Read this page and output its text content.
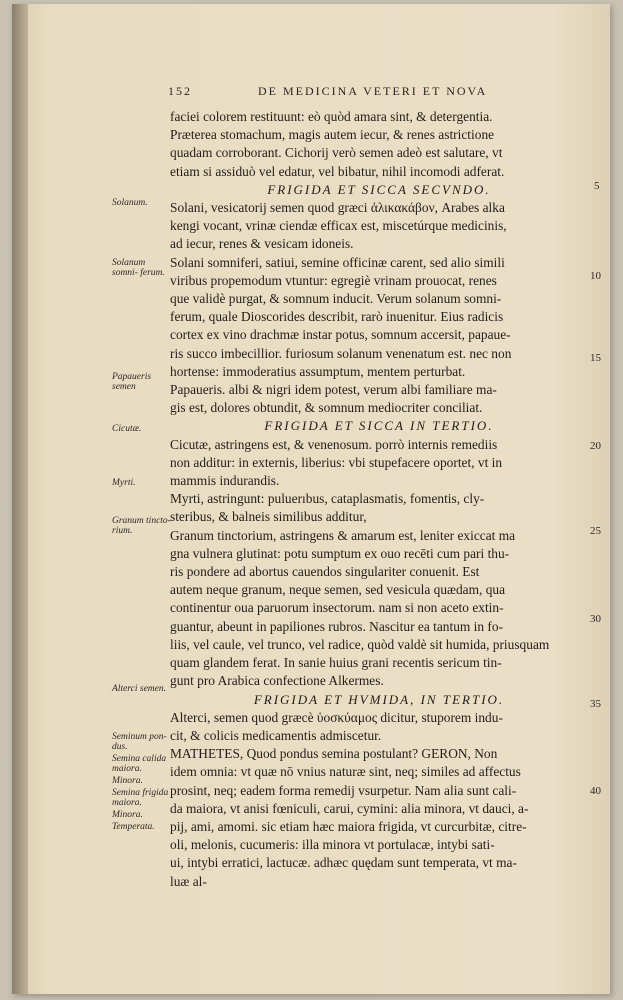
152	DE MEDICINA VETERI ET NOVA
faciei colorem restituunt: eò quòd amara sint, & detergentia.
Præterea stomachum, magis autem iecur, & renes astrictione
quadam corroborant. Cichorij verò semen adeò est salutare, vt
etiam si assiduò vel edatur, vel bibatur, nihil incomodi adferat.
FRIGIDA ET SICCA SECVNDO.
Solani, vesicatorij semen quod græci ἀλικακάβον, Arabes alka
kengi vocant, vrinæ ciendæ efficax est, miscetúrque medicinis,
ad iecur, renes & vesicam idoneis.
Solani somniferi, satiui, semine officinæ carent, sed alio simili
viribus propemodum vtuntur: egregiè vrinam prouocat, renes
que validè purgat, & somnum inducit. Verum solanum somni-
ferum, quale Dioscorides describit, rarò inuenitur. Eius radicis
cortex ex vino drachmæ instar potus, somnum accersit, papaue-
ris succo imbecillior. furiosum solanum venenatum est. nec non
hortense: immoderatius assumptum, mentem perturbat.
Papaueris. albi & nigri idem potest, verum albi familiare ma-
gis est, dolores obtundit, & somnum mediocriter conciliat.
FRIGIDA ET SICCA IN TERTIO.
Cicutæ, astringens est, & venenosum. porrò internis remediis
non additur: in externis, liberius: vbi stupefacere oportet, vt in
mammis indurandis.
Myrti, astringunt: puluerıbus, cataplasmatis, fomentis, cly-
steribus, & balneis similibus additur,
Granum tinctorium, astringens & amarum est, leniter exiccat ma
gna vulnera glutinat: potu sumptum ex ouo recēti cum pari thu-
ris pondere ad abortus cauendos singulariter conuenit. Est
autem neque granum, neque semen, sed vesicula quædam, qua
continentur oua paruorum insectorum. nam si non aceto extin-
guantur, abeunt in papiliones rubros. Nascitur ea tantum in fo-
liis, vel caule, vel trunco, vel radice, quòd valdè sit humida, priusquam
quam glandem ferat. In sanie huius grani recentis sericum tin-
gunt pro Arabica confectione Alkermes.
FRIGIDA ET HVMIDA, IN TERTIO.
Alterci, semen quod græcè ὑοσκύαμος dicitur, stuporem indu-
cit, & colicis medicamentis admiscetur.
MATHETES, Quod pondus semina postulant? GERON, Non
idem omnia: vt quæ nō vnius naturæ sint, neq; similes ad affectus
prosint, neq; eadem forma remedij vsurpetur. Nam alia sunt cali-
da maiora, vt anisi fœniculi, carui, cymini: alia minora, vt dauci, a-
pij, ami, amomi. sic etiam hæc maiora frigida, vt curcurbitæ, citre-
oli, melonis, cucumeris: illa minora vt portulacæ, intybi sati-
ui, intybi erratici, lactucæ. adhæc quędam sunt temperata, vt ma-
luæ al-
Solanum.
Solanum somni- ferum.
Papaueris semen
Cicutæ.
Myrti.
Granum tincto- rium.
Alterci semen.
Seminum pon- dus.
Semina calida maiora.
Minora.
Semina frigida maiora.
Minora.
Temperata.
5
10
15
20
25
30
35
40
